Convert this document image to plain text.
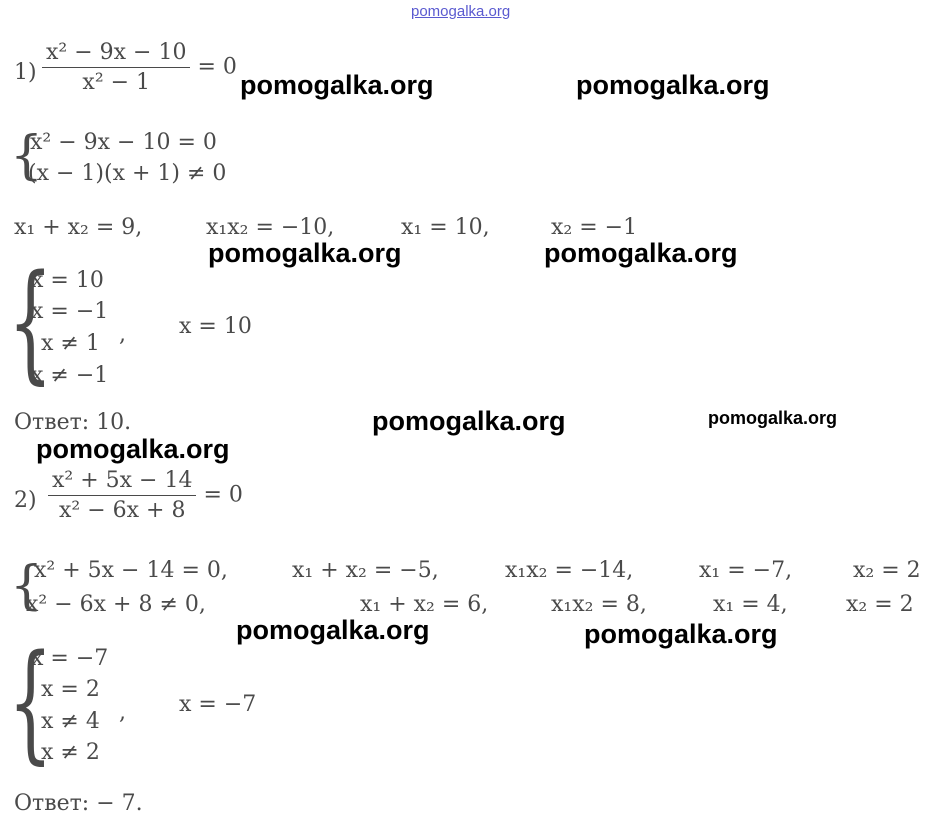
pomogalka.org
$1) \frac{\text{x² − 9x − 10}}{\text{x² − 1}} = 0$
{
x² − 9x − 10 = 0
(x − 1)(x + 1) ≠ 0
x₁ + x₂ = 9,	x₁x₂ = −10,	x₁ = 10,	x₂ = −1
{
x = 10
x = −1
x ≠ 1
x ≠ −1
, x = 10
Ответ: 10.
$2) \frac{\text{x² + 5x − 14}}{\text{x² − 6x + 8}} = 0$
{
x² + 5x − 14 = 0,	x₁ + x₂ = −5,	x₁x₂ = −14,	x₁ = −7,	x₂ = 2
x² − 6x + 8 ≠ 0,	x₁ + x₂ = 6,	x₁x₂ = 8,	x₁ = 4,	x₂ = 2
{
x = −7
x = 2
x ≠ 4
x ≠ 2
, x = −7
Ответ: − 7.
pomogalka.org	pomogalka.org
pomogalka.org	pomogalka.org
pomogalka.org	pomogalka.org
pomogalka.org
pomogalka.org	pomogalka.org
